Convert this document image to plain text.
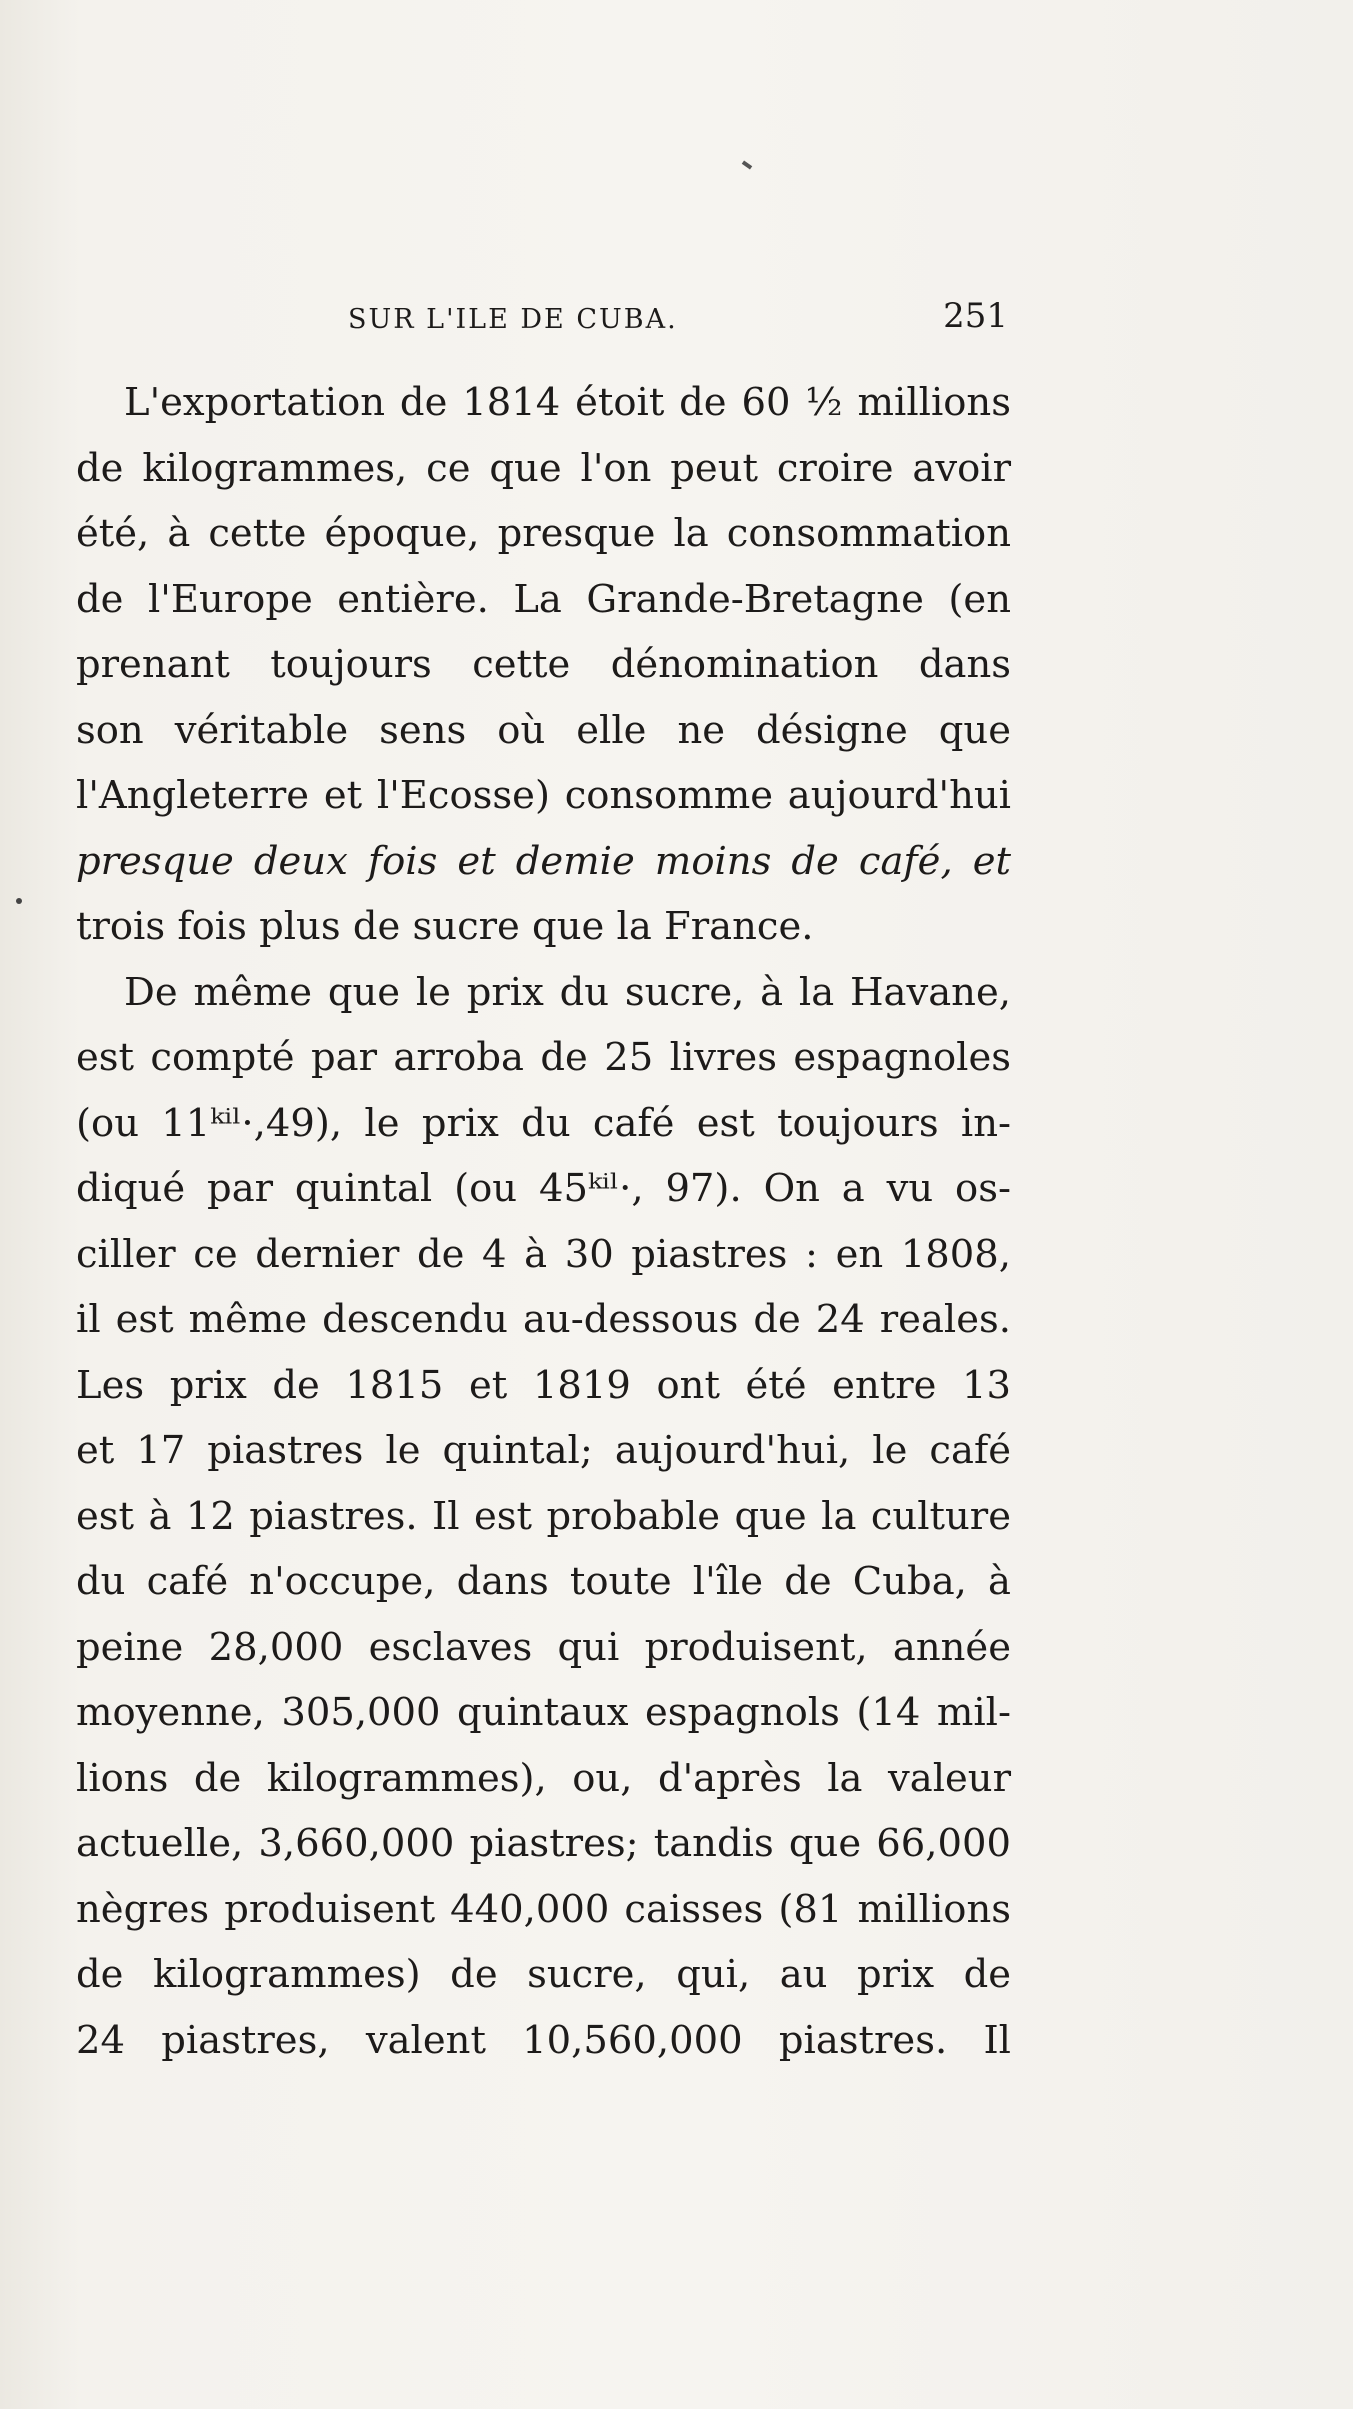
SUR L'ILE DE CUBA.	251
L'exportation de 1814 étoit de 60 ½ millions
de kilogrammes, ce que l'on peut croire avoir
été, à cette époque, presque la consommation
de l'Europe entière. La Grande-Bretagne (en
prenant toujours cette dénomination dans
son véritable sens où elle ne désigne que
l'Angleterre et l'Ecosse) consomme aujourd'hui
presque deux fois et demie moins de café, et
trois fois plus de sucre que la France.
De même que le prix du sucre, à la Havane,
est compté par arroba de 25 livres espagnoles
(ou 11ᵏⁱˡ·,49), le prix du café est toujours in-
diqué par quintal (ou 45ᵏⁱˡ·, 97). On a vu os-
ciller ce dernier de 4 à 30 piastres : en 1808,
il est même descendu au-dessous de 24 reales.
Les prix de 1815 et 1819 ont été entre 13
et 17 piastres le quintal; aujourd'hui, le café
est à 12 piastres. Il est probable que la culture
du café n'occupe, dans toute l'île de Cuba, à
peine 28,000 esclaves qui produisent, année
moyenne, 305,000 quintaux espagnols (14 mil-
lions de kilogrammes), ou, d'après la valeur
actuelle, 3,660,000 piastres; tandis que 66,000
nègres produisent 440,000 caisses (81 millions
de kilogrammes) de sucre, qui, au prix de
24 piastres, valent 10,560,000 piastres. Il
